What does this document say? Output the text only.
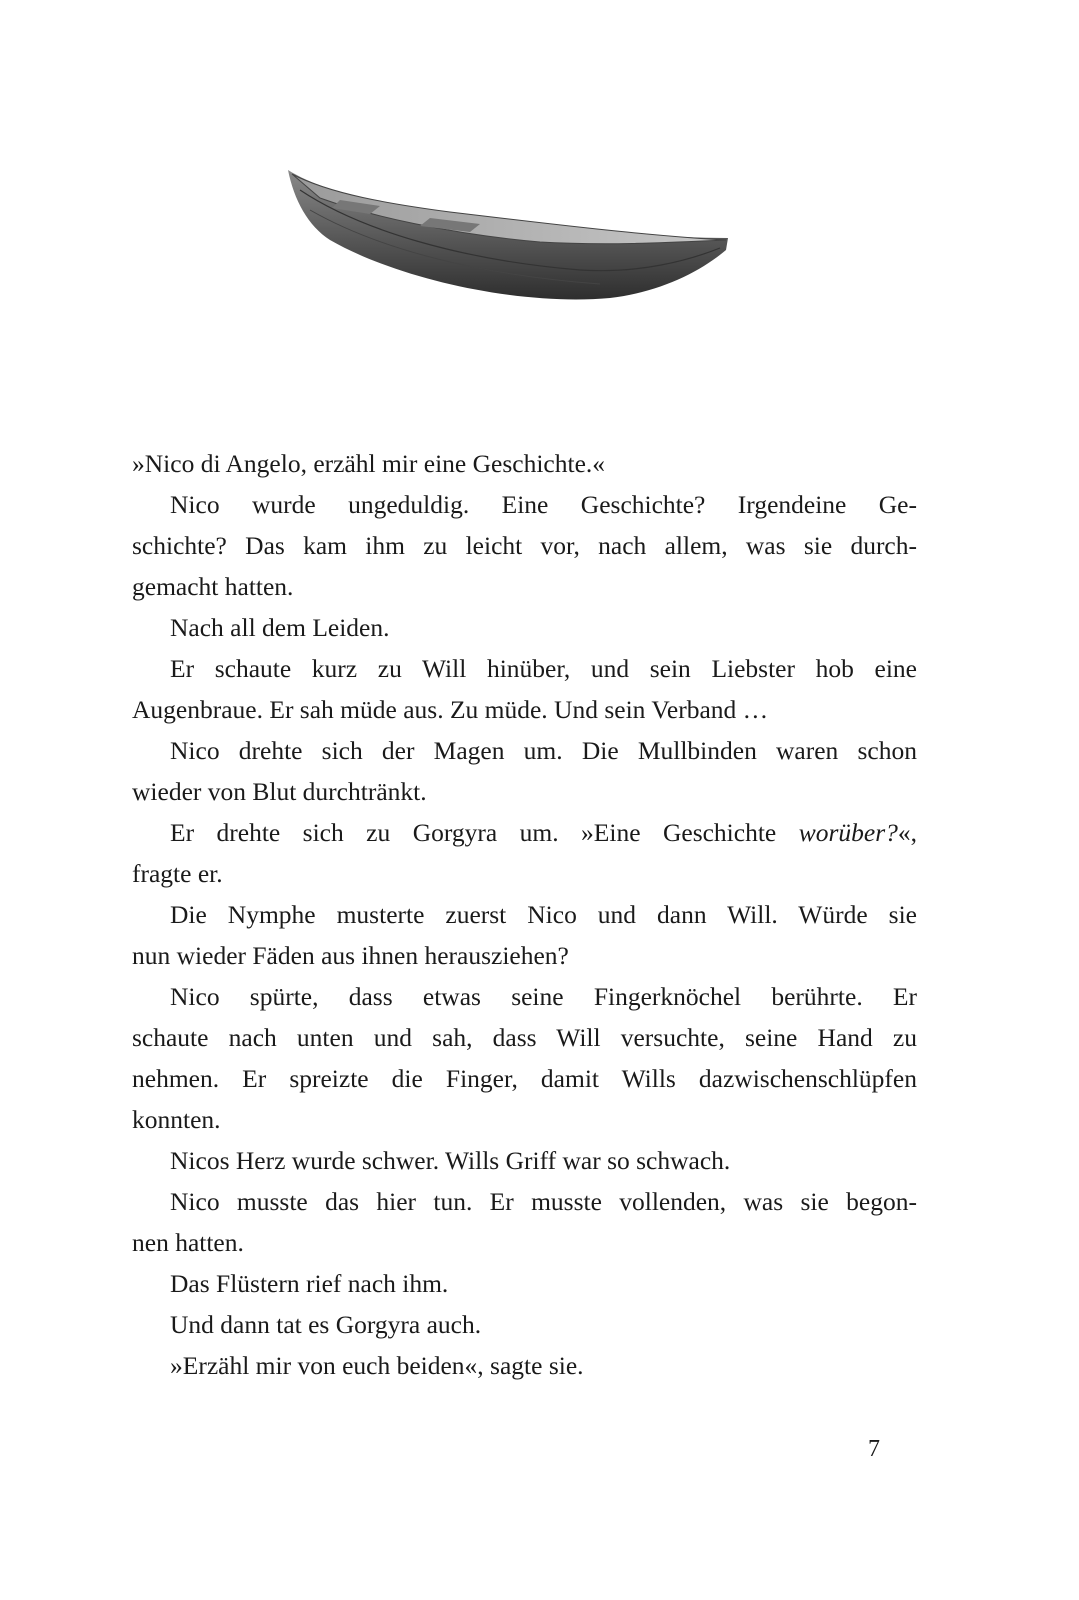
»Nico di Angelo, erzähl mir eine Geschichte.«
Nico wurde ungeduldig. Eine Geschichte? Irgendeine Ge-
schichte? Das kam ihm zu leicht vor, nach allem, was sie durch-
gemacht hatten.
Nach all dem Leiden.
Er schaute kurz zu Will hinüber, und sein Liebster hob eine
Augenbraue. Er sah müde aus. Zu müde. Und sein Verband …
Nico drehte sich der Magen um. Die Mullbinden waren schon
wieder von Blut durchtränkt.
Er drehte sich zu Gorgyra um. »Eine Geschichte worüber?«,
fragte er.
Die Nymphe musterte zuerst Nico und dann Will. Würde sie
nun wieder Fäden aus ihnen herausziehen?
Nico spürte, dass etwas seine Fingerknöchel berührte. Er
schaute nach unten und sah, dass Will versuchte, seine Hand zu
nehmen. Er spreizte die Finger, damit Wills dazwischenschlüpfen
konnten.
Nicos Herz wurde schwer. Wills Griff war so schwach.
Nico musste das hier tun. Er musste vollenden, was sie begon-
nen hatten.
Das Flüstern rief nach ihm.
Und dann tat es Gorgyra auch.
»Erzähl mir von euch beiden«, sagte sie.
7
